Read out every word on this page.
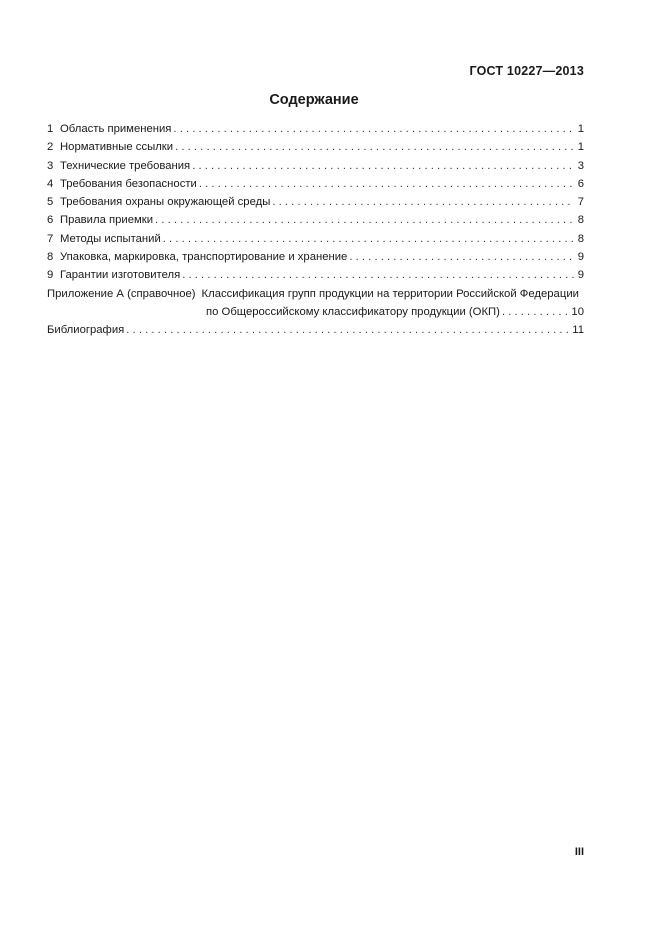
ГОСТ 10227—2013
Содержание
1 Область применения . . .	1
2 Нормативные ссылки . . .	1
3 Технические требования . . .	3
4 Требования безопасности . . .	6
5 Требования охраны окружающей среды . . .	7
6 Правила приемки . . .	8
7 Методы испытаний . . .	8
8 Упаковка, маркировка, транспортирование и хранение . . .	9
9 Гарантии изготовителя . . .	9
Приложение А (справочное) Классификация групп продукции на территории Российской Федерации
по Общероссийскому классификатору продукции (ОКП) . . .	10
Библиография . . .	11
III
